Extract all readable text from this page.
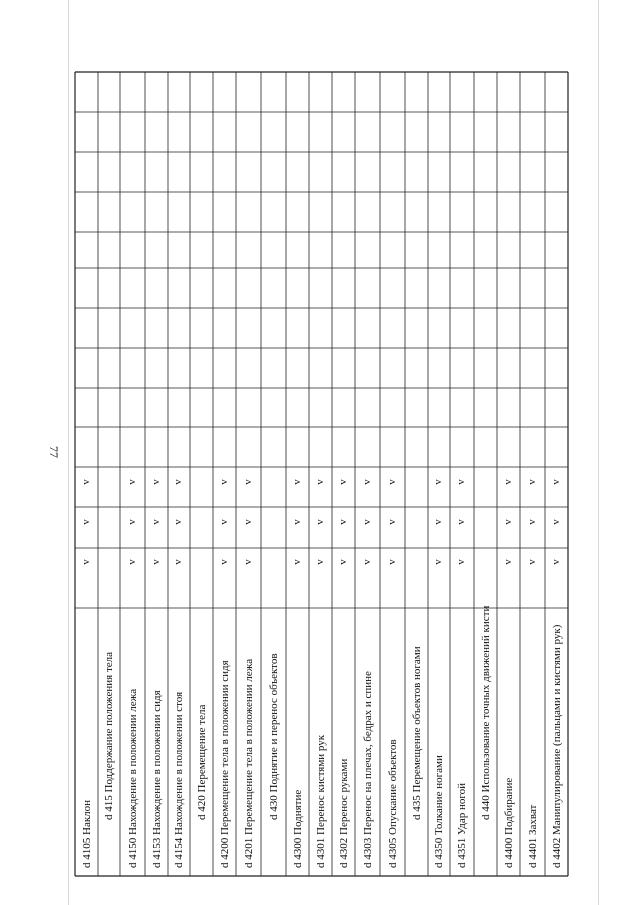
77
d 4105 Наклон
d 415 Поддержание положения тела d 4150 Нахождение в положении лежа d 4153 Нахождение в положении сидя d 4154 Нахождение в положении стоя d 420 Перемещение тела d 4200 Перемещение тела в положении сидя d 4201 Перемещение тела в положении лежа d 430 Поднятие и перенос объектов
d 4300 Поднятие d 4301 Перенос кистями рук d 4302 Перенос руками d 4303 Перенос на плечах, бедрах и спине d 4305 Опускание объектов d 435 Перемещение объектов ногами d 4350 Толкание ногами d 4351 Удар ногой
d 440 Использование точных движений кисти
d 4400 Подбирание d 4401 Захват d 4402 Манипулирование (пальцами и кистями рук)
v
v
v
v
v
v
v
v
v
v
v
v
v
v
v
v
v
v
v
v
v
v
v
v
v
v
v
v
v
v
v
v
v
v
v
v
v
v
v
v
v
v
v
v
v
v
v
v
